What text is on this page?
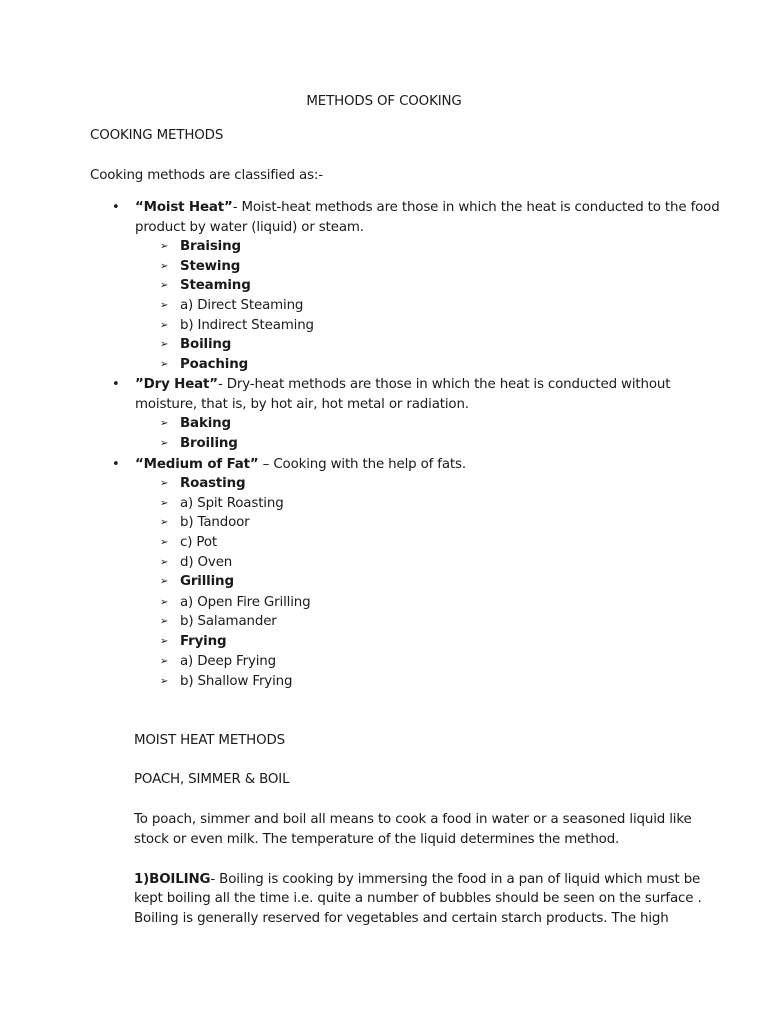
METHODS OF COOKING
COOKING METHODS
Cooking methods are classified as:-
• “Moist Heat”- Moist-heat methods are those in which the heat is conducted to the food
product by water (liquid) or steam.
➢ Braising
➢ Stewing
➢ Steaming
➢ a) Direct Steaming
➢ b) Indirect Steaming
➢ Boiling
➢ Poaching
• ”Dry Heat”- Dry-heat methods are those in which the heat is conducted without
moisture, that is, by hot air, hot metal or radiation.
➢ Baking
➢ Broiling
• “Medium of Fat” – Cooking with the help of fats.
➢ Roasting
➢ a) Spit Roasting
➢ b) Tandoor
➢ c) Pot
➢ d) Oven
➢ Grilling
➢ a) Open Fire Grilling
➢ b) Salamander
➢ Frying
➢ a) Deep Frying
➢ b) Shallow Frying
MOIST HEAT METHODS
POACH, SIMMER & BOIL
To poach, simmer and boil all means to cook a food in water or a seasoned liquid like
stock or even milk. The temperature of the liquid determines the method.
1)BOILING- Boiling is cooking by immersing the food in a pan of liquid which must be
kept boiling all the time i.e. quite a number of bubbles should be seen on the surface .
Boiling is generally reserved for vegetables and certain starch products. The high
